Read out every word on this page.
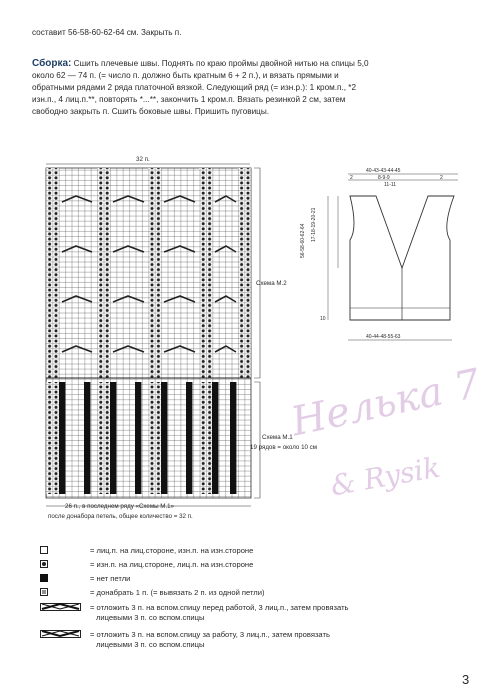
составит 56-58-60-62-64 см. Закрыть п.
Сборка: Сшить плечевые швы. Поднять по краю проймы двойной нитью на спицы 5,0
около 62 — 74 п. (= число п. должно быть кратным 6 + 2 п.), и вязать прямыми и
обратными рядами 2 ряда платочной вязкой. Следующий ряд (= изн.р.): 1 кром.п., *2
изн.п., 4 лиц.п.**, повторять *...**, закончить 1 кром.п. Вязать резинкой 2 см, затем
свободно закрыть п. Сшить боковые швы. Пришить пуговицы.
32 п.
Схема М.2
Схема М.1
19 рядов = около 10 см
26 п., в последнем ряду «Схемы М.1»
после донабора петель, общее количество = 32 п.
40-43-43-44-45
2	8-9-9	2
11-11
56-58-60-62-64 17-18-19-20-21
10
40-44-48-55-63
Нелька 7
& Rysik
= лиц.п. на лиц.стороне, изн.п. на изн.стороне
= изн.п. на лиц.стороне, лиц.п. на изн.стороне
= нет петли
= донабрать 1 п. (= вывязать 2 п. из одной петли)
= отложить 3 п. на вспом.спицу перед работой, 3 лиц.п., затем провязать
лицевыми 3 п. со вспом.спицы
= отложить 3 п. на вспом.спицу за работу, 3 лиц.п., затем провязать
лицевыми 3 п. со вспом.спицы
3
